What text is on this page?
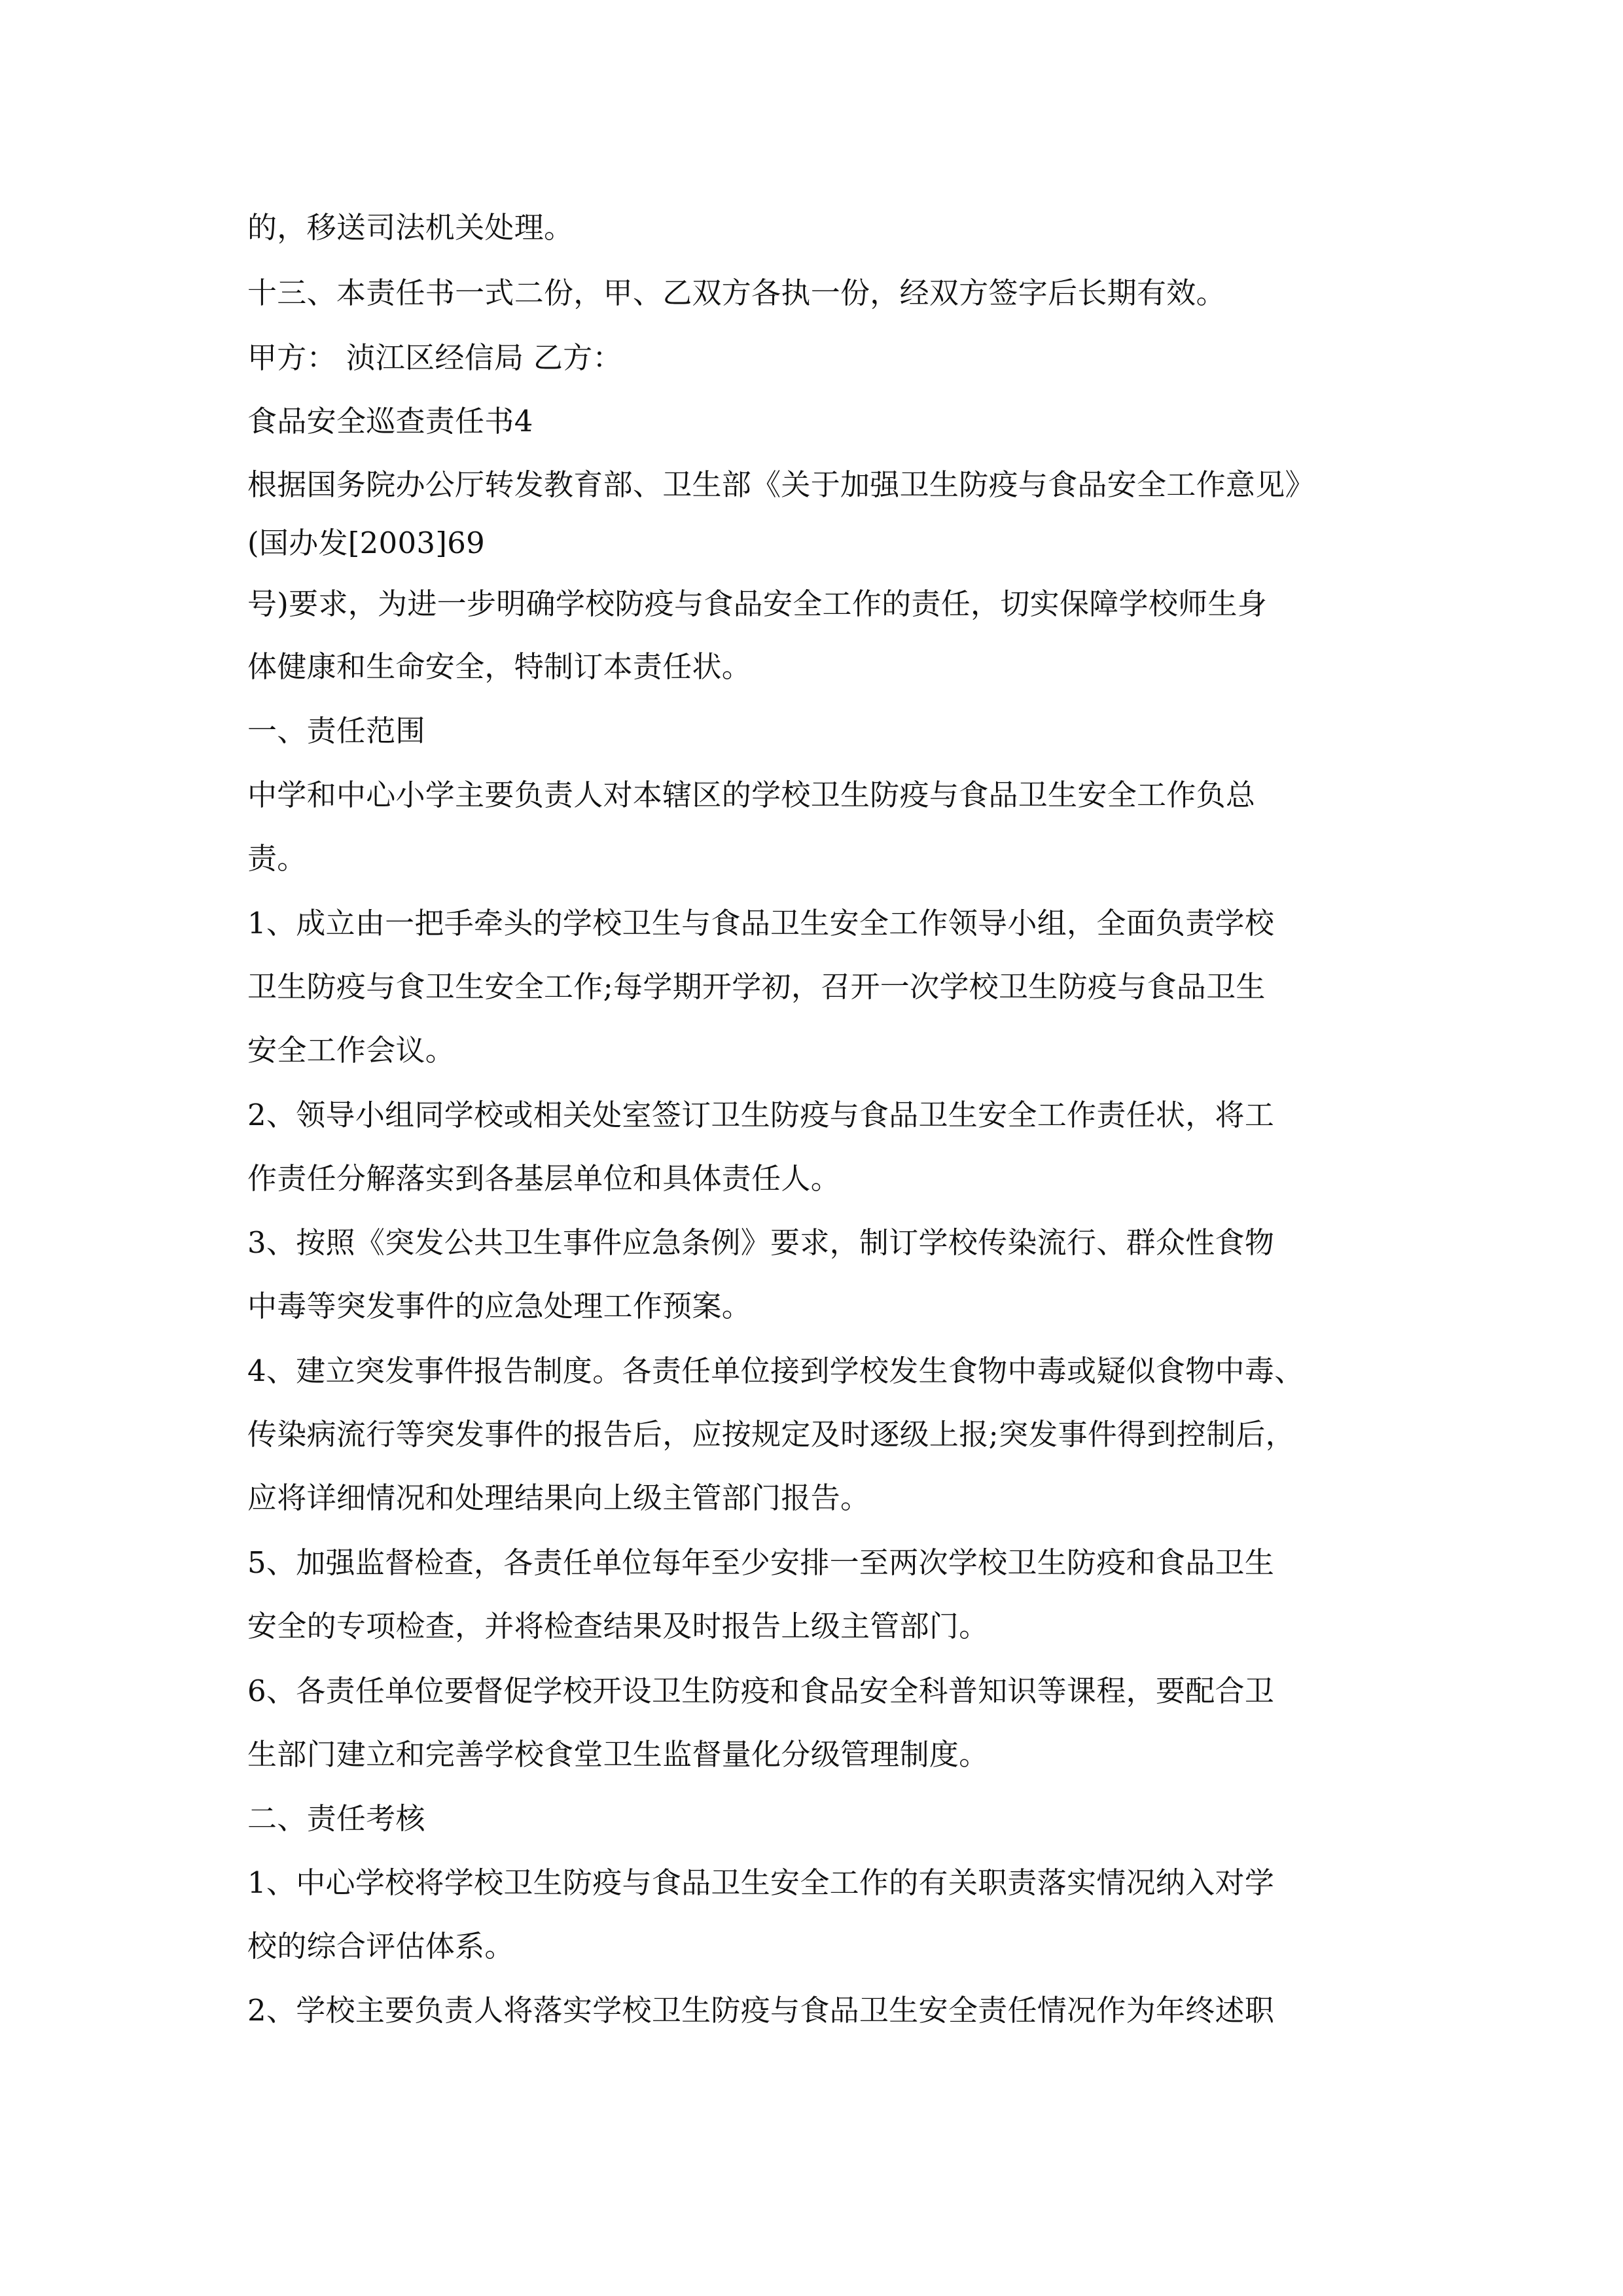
的，移送司法机关处理。
十三、本责任书一式二份，甲、乙双方各执一份，经双方签字后长期有效。
甲方： 浈江区经信局 乙方：
食品安全巡查责任书4
根据国务院办公厅转发教育部、卫生部《关于加强卫生防疫与食品安全工作意见》
(国办发[2003]69
号)要求，为进一步明确学校防疫与食品安全工作的责任，切实保障学校师生身
体健康和生命安全，特制订本责任状。
一、责任范围
中学和中心小学主要负责人对本辖区的学校卫生防疫与食品卫生安全工作负总
责。
1、成立由一把手牵头的学校卫生与食品卫生安全工作领导小组，全面负责学校
卫生防疫与食卫生安全工作;每学期开学初，召开一次学校卫生防疫与食品卫生
安全工作会议。
2、领导小组同学校或相关处室签订卫生防疫与食品卫生安全工作责任状，将工
作责任分解落实到各基层单位和具体责任人。
3、按照《突发公共卫生事件应急条例》要求，制订学校传染流行、群众性食物
中毒等突发事件的应急处理工作预案。
4、建立突发事件报告制度。各责任单位接到学校发生食物中毒或疑似食物中毒、
传染病流行等突发事件的报告后，应按规定及时逐级上报;突发事件得到控制后，
应将详细情况和处理结果向上级主管部门报告。
5、加强监督检查，各责任单位每年至少安排一至两次学校卫生防疫和食品卫生
安全的专项检查，并将检查结果及时报告上级主管部门。
6、各责任单位要督促学校开设卫生防疫和食品安全科普知识等课程，要配合卫
生部门建立和完善学校食堂卫生监督量化分级管理制度。
二、责任考核
1、中心学校将学校卫生防疫与食品卫生安全工作的有关职责落实情况纳入对学
校的综合评估体系。
2、学校主要负责人将落实学校卫生防疫与食品卫生安全责任情况作为年终述职
